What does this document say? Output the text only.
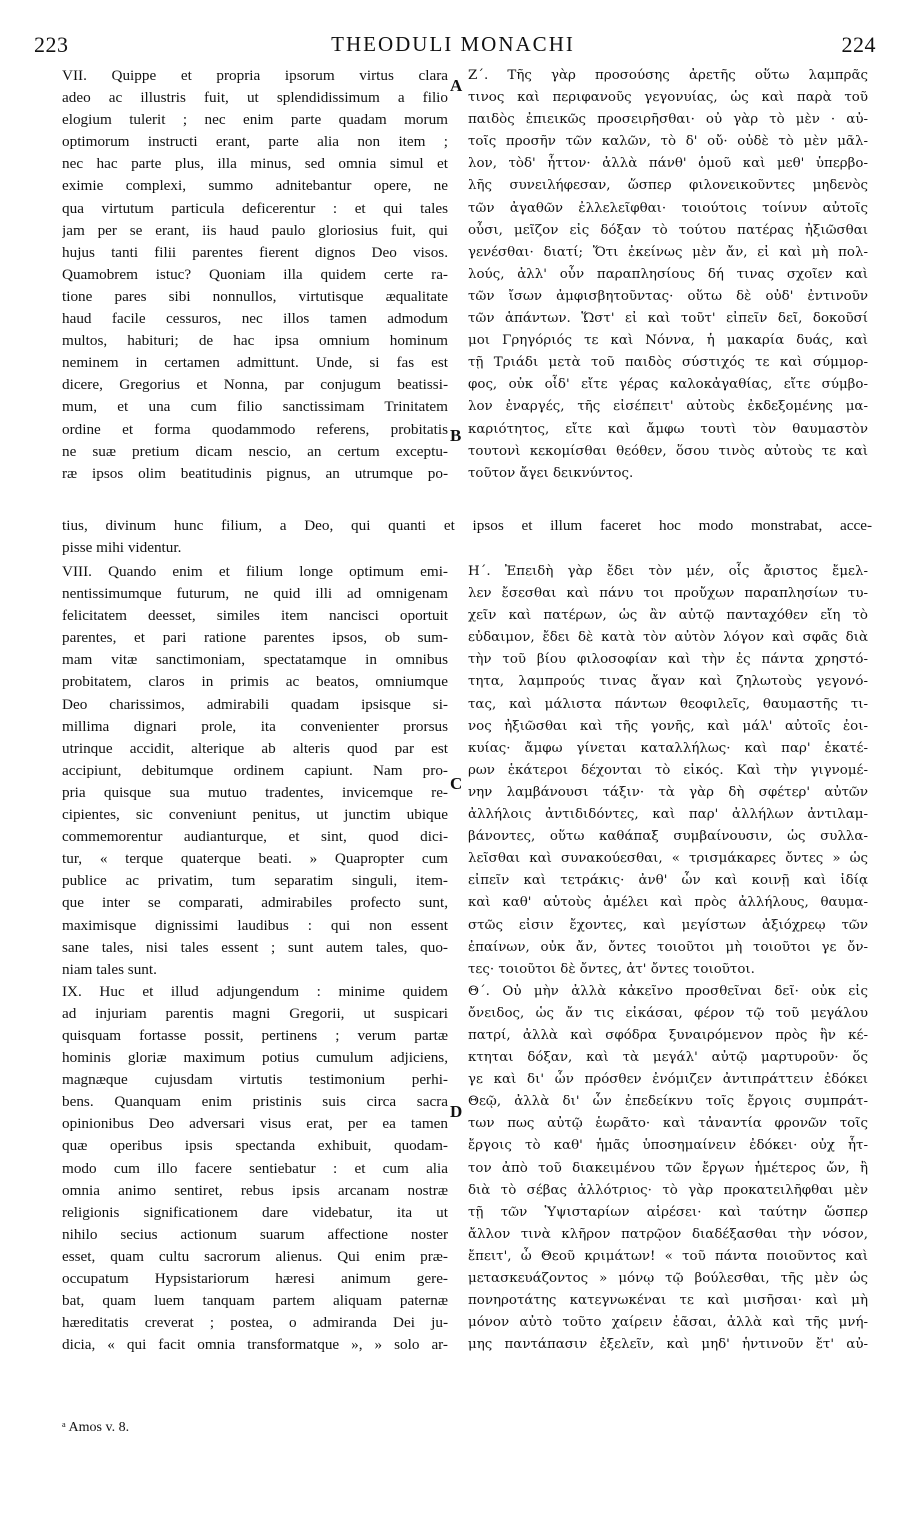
223	THEODULI MONACHI	224
A
B
C
D
VII. Quippe et propria ipsorum virtus clara
adeo ac illustris fuit, ut splendidissimum a filio
elogium tulerit ; nec enim parte quadam morum
optimorum instructi erant, parte alia non item ;
nec hac parte plus, illa minus, sed omnia simul et
eximie complexi, summo adnitebantur opere, ne
qua virtutum particula deficerentur : et qui tales
jam per se erant, iis haud paulo gloriosius fuit, qui
hujus tanti filii parentes fierent dignos Deo visos.
Quamobrem istuc? Quoniam illa quidem certe ra-
tione pares sibi nonnullos, virtutisque æqualitate
haud facile cessuros, nec illos tamen admodum
multos, habituri; de hac ipsa omnium hominum
neminem in certamen admittunt. Unde, si fas est
dicere, Gregorius et Nonna, par conjugum beatissi-
mum, et una cum filio sanctissimam Trinitatem
ordine et forma quodammodo referens, probitatis
ne suæ pretium dicam nescio, an certum exceptu-
ræ ipsos olim beatitudinis pignus, an utrumque po-
Ζ΄. Τῆς γὰρ προσούσης ἀρετῆς οὕτω λαμπρᾶς
τινος καὶ περιφανοῦς γεγονυίας, ὡς καὶ παρὰ τοῦ
παιδὸς ἐπιεικῶς προσειρῆσθαι· οὐ γὰρ τὸ μὲν · αὐ-
τοῖς προσῆν τῶν καλῶν, τὸ δ' οὔ· οὐδὲ τὸ μὲν μᾶλ-
λον, τὸδ' ἧττον· ἀλλὰ πάνθ' ὁμοῦ καὶ μεθ' ὑπερβο-
λῆς συνειλήφεσαν, ὥσπερ φιλονεικοῦντες μηδενὸς
τῶν ἀγαθῶν ἐλλελεῖφθαι· τοιούτοις τοίνυν αὐτοῖς
οὖσι, μεῖζον εἰς δόξαν τὸ τούτου πατέρας ἠξιῶσθαι
γενέσθαι· διατί; Ὅτι ἐκείνως μὲν ἄν, εἰ καὶ μὴ πολ-
λούς, ἀλλ' οὖν παραπλησίους δή τινας σχοῖεν καὶ
τῶν ἴσων ἀμφισβητοῦντας· οὕτω δὲ οὐδ' ἐντινοῦν
τῶν ἁπάντων. Ὥστ' εἰ καὶ τοῦτ' εἰπεῖν δεῖ, δοκοῦσί
μοι Γρηγόριός τε καὶ Νόννα, ἡ μακαρία δυάς, καὶ
τῇ Τριάδι μετὰ τοῦ παιδὸς σύστιχός τε καὶ σύμμορ-
φος, οὐκ οἶδ' εἴτε γέρας καλοκἀγαθίας, εἴτε σύμβο-
λον ἐναργές, τῆς εἰσέπειτ' αὐτοὺς ἐκδεξομένης μα-
καριότητος, εἴτε καὶ ἄμφω τουτὶ τὸν θαυμαστὸν
τουτονὶ κεκομίσθαι θεόθεν, ὅσου τινὸς αὐτοὺς τε καὶ
τοῦτον ἄγει δεικνύντος.
tius, divinum hunc filium, a Deo, qui quanti et ipsos et illum faceret hoc modo monstrabat, acce-
pisse mihi videntur.
VIII. Quando enim et filium longe optimum emi-
nentissimumque futurum, ne quid illi ad omnigenam
felicitatem deesset, similes item nancisci oportuit
parentes, et pari ratione parentes ipsos, ob sum-
mam vitæ sanctimoniam, spectatamque in omnibus
probitatem, claros in primis ac beatos, omniumque
Deo charissimos, admirabili quadam ipsisque si-
millima dignari prole, ita convenienter prorsus
utrinque accidit, alterique ab alteris quod par est
accipiunt, debitumque ordinem capiunt. Nam pro-
pria quisque sua mutuo tradentes, invicemque re-
cipientes, sic conveniunt penitus, ut junctim ubique
commemorentur audianturque, et sint, quod dici-
tur, « terque quaterque beati. » Quapropter cum
publice ac privatim, tum separatim singuli, item-
que inter se comparati, admirabiles profecto sunt,
maximisque dignissimi laudibus : qui non essent
sane tales, nisi tales essent ; sunt autem tales, quo-
niam tales sunt.
IX. Huc et illud adjungendum : minime quidem
ad injuriam parentis magni Gregorii, ut suspicari
quisquam fortasse possit, pertinens ; verum partæ
hominis gloriæ maximum potius cumulum adjiciens,
magnæque cujusdam virtutis testimonium perhi-
bens. Quanquam enim pristinis suis circa sacra
opinionibus Deo adversari visus erat, per ea tamen
quæ operibus ipsis spectanda exhibuit, quodam-
modo cum illo facere sentiebatur : et cum alia
omnia animo sentiret, rebus ipsis arcanam nostræ
religionis significationem dare videbatur, ita ut
nihilo secius actionum suarum affectione noster
esset, quam cultu sacrorum alienus. Qui enim præ-
occupatum Hypsistariorum hæresi animum gere-
bat, quam luem tanquam partem aliquam paternæ
hæreditatis creverat ; postea, o admiranda Dei ju-
dicia, « qui facit omnia transformatque », » solo ar-
Η΄. Ἐπειδὴ γὰρ ἔδει τὸν μέν, οἷς ἄριστος ἔμελ-
λεν ἔσεσθαι καὶ πάνυ τοι προὔχων παραπλησίων τυ-
χεῖν καὶ πατέρων, ὡς ἂν αὐτῷ πανταχόθεν εἴη τὸ
εὐδαιμον, ἔδει δὲ κατὰ τὸν αὐτὸν λόγον καὶ σφᾶς διὰ
τὴν τοῦ βίου φιλοσοφίαν καὶ τὴν ἐς πάντα χρηστό-
τητα, λαμπρούς τινας ἄγαν καὶ ζηλωτοὺς γεγονό-
τας, καὶ μάλιστα πάντων θεοφιλεῖς, θαυμαστῆς τι-
νος ἠξιῶσθαι καὶ τῆς γονῆς, καὶ μάλ' αὐτοῖς ἐοι-
κυίας· ἄμφω γίνεται καταλλήλως· καὶ παρ' ἑκατέ-
ρων ἑκάτεροι δέχονται τὸ εἰκός. Καὶ τὴν γιγνομέ-
νην λαμβάνουσι τάξιν· τὰ γὰρ δὴ σφέτερ' αὐτῶν
ἀλλήλοις ἀντιδιδόντες, καὶ παρ' ἀλλήλων ἀντιλαμ-
βάνοντες, οὕτω καθάπαξ συμβαίνουσιν, ὡς συλλα-
λεῖσθαι καὶ συνακούεσθαι, « τρισμάκαρες ὄντες » ὡς
εἰπεῖν καὶ τετράκις· ἀνθ' ὧν καὶ κοινῇ καὶ ἰδίᾳ
καὶ καθ' αὑτοὺς ἀμέλει καὶ πρὸς ἀλλήλους, θαυμα-
στῶς εἰσιν ἔχοντες, καὶ μεγίστων ἀξιόχρεῳ τῶν
ἐπαίνων, οὐκ ἄν, ὄντες τοιοῦτοι μὴ τοιοῦτοι γε ὄν-
τες· τοιοῦτοι δὲ ὄντες, ἀτ' ὄντες τοιοῦτοι.
Θ΄. Οὐ μὴν ἀλλὰ κἀκεῖνο προσθεῖναι δεῖ· οὐκ εἰς
ὄνειδος, ὡς ἄν τις εἰκάσαι, φέρον τῷ τοῦ μεγάλου
πατρί, ἀλλὰ καὶ σφόδρα ξυναιρόμενον πρὸς ἣν κέ-
κτηται δόξαν, καὶ τὰ μεγάλ' αὐτῷ μαρτυροῦν· ὅς
γε καὶ δι' ὧν πρόσθεν ἐνόμιζεν ἀντιπράττειν ἐδόκει
Θεῷ, ἀλλὰ δι' ὧν ἐπεδείκνυ τοῖς ἔργοις συμπράτ-
των πως αὐτῷ ἑωρᾶτο· καὶ τἀναντία φρονῶν τοῖς
ἔργοις τὸ καθ' ἡμᾶς ὑποσημαίνειν ἐδόκει· οὐχ ἧτ-
τον ἀπὸ τοῦ διακειμένου τῶν ἔργων ἡμέτερος ὤν, ἢ
διὰ τὸ σέβας ἀλλότριος· τὸ γὰρ προκατειλῆφθαι μὲν
τῇ τῶν Ὑψισταρίων αἱρέσει· καὶ ταύτην ὥσπερ
ἄλλον τινὰ κλῆρον πατρῷον διαδέξασθαι τὴν νόσον,
ἔπειτ', ὦ Θεοῦ κριμάτων! « τοῦ πάντα ποιοῦντος καὶ
μετασκευάζοντος » μόνῳ τῷ βούλεσθαι, τῆς μὲν ὡς
πονηροτάτης κατεγνωκέναι τε καὶ μισῆσαι· καὶ μὴ
μόνον αὐτὸ τοῦτο χαίρειν ἐᾶσαι, ἀλλὰ καὶ τῆς μνή-
μης παντάπασιν ἐξελεῖν, καὶ μηδ' ἡντινοῦν ἔτ' αὐ-
ᵃ Amos v. 8.
